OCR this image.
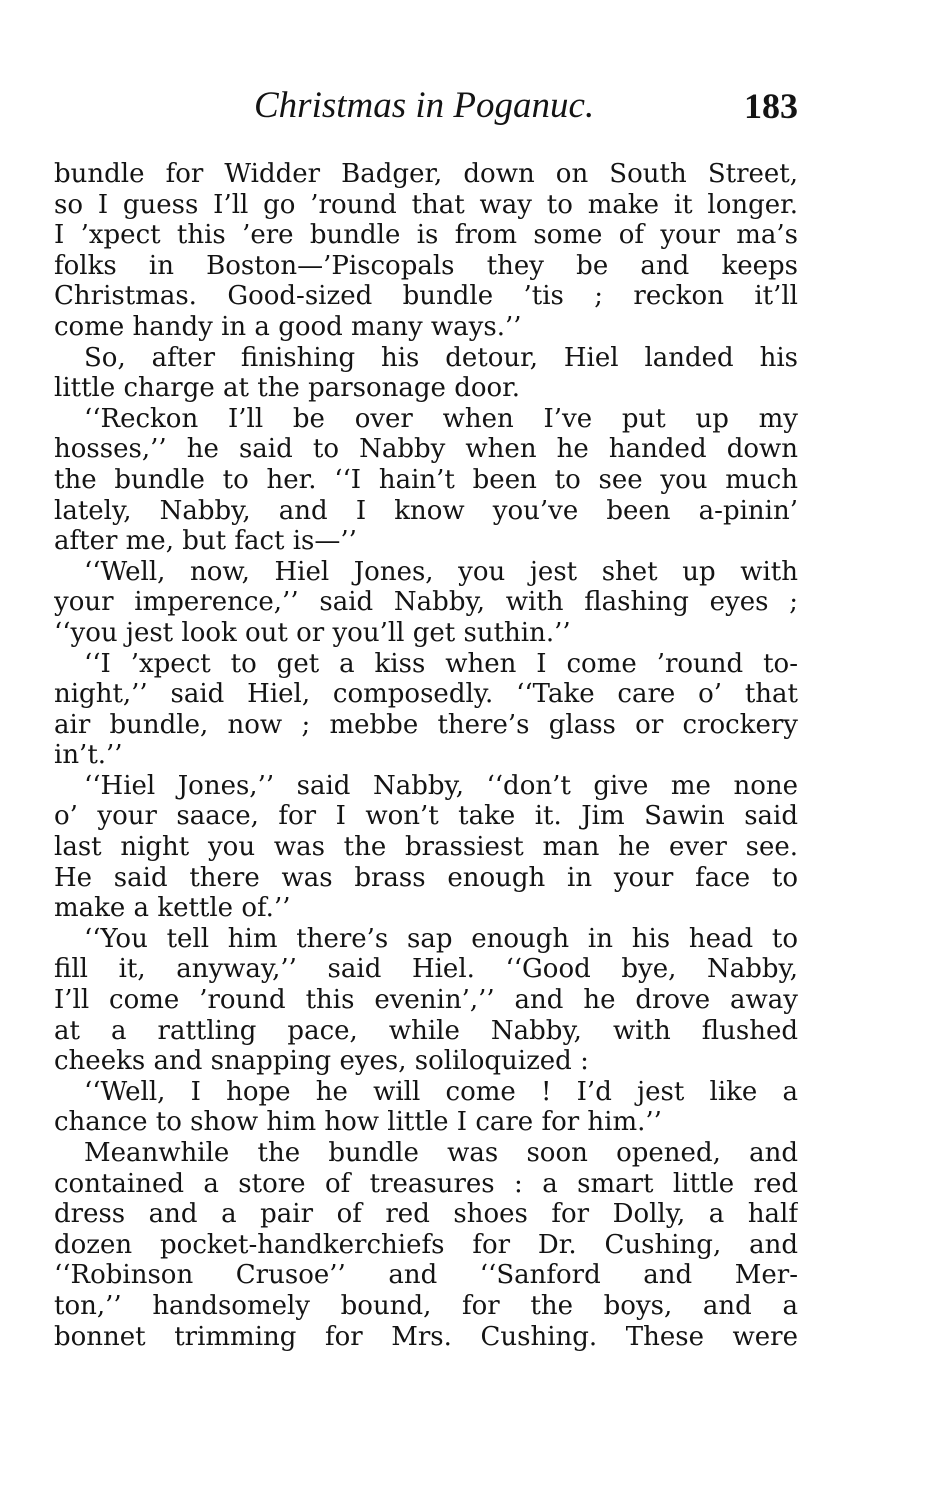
Christmas in Poganuc.	183
bundle for Widder Badger, down on South Street,
so I guess I’ll go ’round that way to make it longer.
I ’xpect this ’ere bundle is from some of your ma’s
folks in Boston—’Piscopals they be and keeps
Christmas. Good-sized bundle ’tis ; reckon it’ll
come handy in a good many ways.’’
So, after finishing his detour, Hiel landed his
little charge at the parsonage door.
‘‘Reckon I’ll be over when I’ve put up my
hosses,’’ he said to Nabby when he handed down
the bundle to her. ‘‘I hain’t been to see you much
lately, Nabby, and I know you’ve been a-pinin’
after me, but fact is—’’
‘‘Well, now, Hiel Jones, you jest shet up with
your imperence,’’ said Nabby, with flashing eyes ;
‘‘you jest look out or you’ll get suthin.’’
‘‘I ’xpect to get a kiss when I come ’round to-
night,’’ said Hiel, composedly. ‘‘Take care o’ that
air bundle, now ; mebbe there’s glass or crockery
in’t.’’
‘‘Hiel Jones,’’ said Nabby, ‘‘don’t give me none
o’ your saace, for I won’t take it. Jim Sawin said
last night you was the brassiest man he ever see.
He said there was brass enough in your face to
make a kettle of.’’
‘‘You tell him there’s sap enough in his head to
fill it, anyway,’’ said Hiel. ‘‘Good bye, Nabby,
I’ll come ’round this evenin’,’’ and he drove away
at a rattling pace, while Nabby, with flushed
cheeks and snapping eyes, soliloquized :
‘‘Well, I hope he will come ! I’d jest like a
chance to show him how little I care for him.’’
Meanwhile the bundle was soon opened, and
contained a store of treasures : a smart little red
dress and a pair of red shoes for Dolly, a half
dozen pocket-handkerchiefs for Dr. Cushing, and
‘‘Robinson Crusoe’’ and ‘‘Sanford and Mer-
ton,’’ handsomely bound, for the boys, and a
bonnet trimming for Mrs. Cushing. These were
